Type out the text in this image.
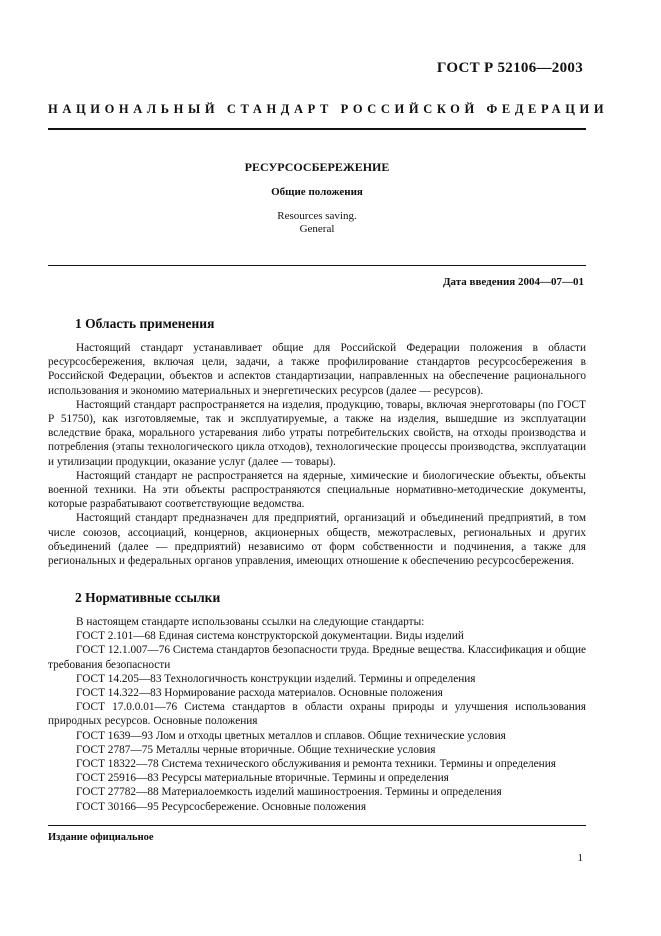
ГОСТ Р 52106—2003
НАЦИОНАЛЬНЫЙ СТАНДАРТ РОССИЙСКОЙ ФЕДЕРАЦИИ
РЕСУРСОСБЕРЕЖЕНИЕ
Общие положения
Resources saving.
General
Дата введения 2004—07—01
1 Область применения

Настоящий стандарт устанавливает общие для Российской Федерации положения в области ресурсосбережения, включая цели, задачи, а также профилирование стандартов ресурсосбережения в Российской Федерации, объектов и аспектов стандартизации, направленных на обеспечение рационального использования и экономию материальных и энергетических ресурсов (далее — ресурсов).

Настоящий стандарт распространяется на изделия, продукцию, товары, включая энерготовары (по ГОСТ Р 51750), как изготовляемые, так и эксплуатируемые, а также на изделия, вышедшие из эксплуатации вследствие брака, морального устаревания либо утраты потребительских свойств, на отходы производства и потребления (этапы технологического цикла отходов), технологические процессы производства, эксплуатации и утилизации продукции, оказание услуг (далее — товары).

Настоящий стандарт не распространяется на ядерные, химические и биологические объекты, объекты военной техники. На эти объекты распространяются специальные нормативно-методические документы, которые разрабатывают соответствующие ведомства.

Настоящий стандарт предназначен для предприятий, организаций и объединений предприятий, в том числе союзов, ассоциаций, концернов, акционерных обществ, межотраслевых, региональных и других объединений (далее — предприятий) независимо от форм собственности и подчинения, а также для региональных и федеральных органов управления, имеющих отношение к обеспечению ресурсосбережения.

2 Нормативные ссылки

В настоящем стандарте использованы ссылки на следующие стандарты:

ГОСТ 2.101—68 Единая система конструкторской документации. Виды изделий

ГОСТ 12.1.007—76 Система стандартов безопасности труда. Вредные вещества. Классификация и общие требования безопасности

ГОСТ 14.205—83 Технологичность конструкции изделий. Термины и определения

ГОСТ 14.322—83 Нормирование расхода материалов. Основные положения

ГОСТ 17.0.0.01—76 Система стандартов в области охраны природы и улучшения использования природных ресурсов. Основные положения

ГОСТ 1639—93 Лом и отходы цветных металлов и сплавов. Общие технические условия

ГОСТ 2787—75 Металлы черные вторичные. Общие технические условия

ГОСТ 18322—78 Система технического обслуживания и ремонта техники. Термины и определения

ГОСТ 25916—83 Ресурсы материальные вторичные. Термины и определения

ГОСТ 27782—88 Материалоемкость изделий машиностроения. Термины и определения

ГОСТ 30166—95 Ресурсосбережение. Основные положения

Издание официальное
1
